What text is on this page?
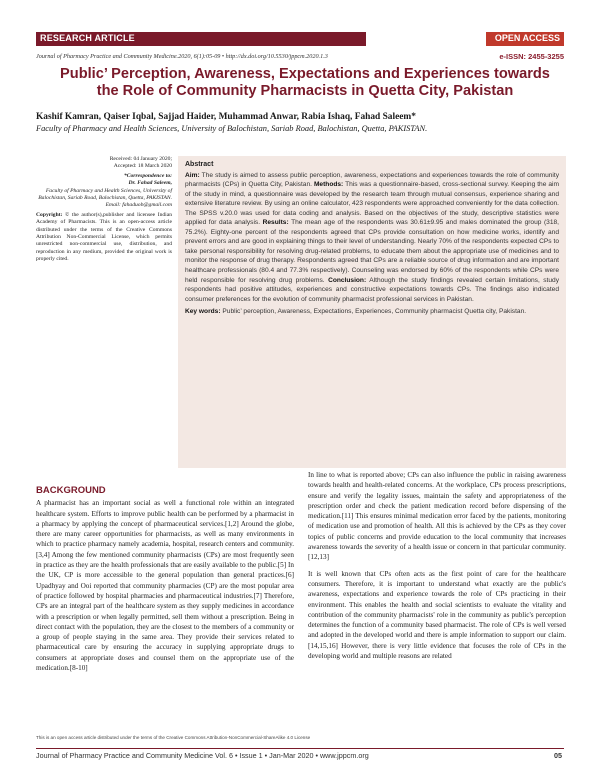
RESEARCH ARTICLE	OPEN ACCESS
Journal of Pharmacy Practice and Community Medicine.2020, 6(1):05-09 • http://dx.doi.org/10.5530/jppcm.2020.1.3	e-ISSN: 2455-3255
Public’ Perception, Awareness, Expectations and Experiences towards the Role of Community Pharmacists in Quetta City, Pakistan
Kashif Kamran, Qaiser Iqbal, Sajjad Haider, Muhammad Anwar, Rabia Ishaq, Fahad Saleem*
Faculty of Pharmacy and Health Sciences, University of Balochistan, Sariab Road, Balochistan, Quetta, PAKISTAN.
Received: 04 January 2020;
Accepted: 18 March 2020
*Correspondence to:
Dr. Fahad Saleem,
Faculty of Pharmacy and Health Sciences, University of Balochistan, Sariab Road, Balochistan, Quetta, PAKISTAN.
Email: fahaduob@gmail.com
Copyright: © the author(s),publisher and licensee Indian Academy of Pharmacists. This is an open-access article distributed under the terms of the Creative Commons Attribution Non-Commercial License, which permits unrestricted non-commercial use, distribution, and reproduction in any medium, provided the original work is properly cited.
Abstract

Aim: The study is aimed to assess public perception, awareness, expectations and experiences towards the role of community pharmacists (CPs) in Quetta City, Pakistan. Methods: This was a questionnaire-based, cross-sectional survey. Keeping the aim of the study in mind, a questionnaire was developed by the research team through mutual consensus, experience sharing and extensive literature review. By using an online calculator, 423 respondents were approached conveniently for the data collection. The SPSS v.20.0 was used for data coding and analysis. Based on the objectives of the study, descriptive statistics were applied for data analysis. Results: The mean age of the respondents was 30.61±9.95 and males dominated the group (318, 75.2%). Eighty-one percent of the respondents agreed that CPs provide consultation on how medicine works, identify and prevent errors and are good in explaining things to their level of understanding. Nearly 70% of the respondents expected CPs to take personal responsibility for resolving drug-related problems, to educate them about the appropriate use of medicines and to monitor the response of drug therapy. Respondents agreed that CPs are a reliable source of drug information and are important healthcare professionals (80.4 and 77.3% respectively). Counseling was endorsed by 60% of the respondents while CPs were held responsible for resolving drug problems. Conclusion: Although the study findings revealed certain limitations, study respondents had positive attitudes, experiences and constructive expectations towards CPs. The findings also indicated consumer preferences for the evolution of community pharmacist professional services in Pakistan.

Key words: Public’ perception, Awareness, Expectations, Experiences, Community pharmacist Quetta city, Pakistan.

BACKGROUND

A pharmacist has an important social as well a functional role within an integrated healthcare system. Efforts to improve public health can be performed by a pharmacist in a pharmacy by applying the concept of pharmaceutical services.[1,2] Around the globe, there are many career opportunities for pharmacists, as well as many environments in which to practice pharmacy namely academia, hospital, research centers and community.[3,4] Among the few mentioned community pharmacists (CPs) are most frequently seen in practice as they are the health professionals that are easily available to the public.[5] In the UK, CP is more accessible to the general population than general practices.[6] Upadhyay and Ooi reported that community pharmacies (CP) are the most popular area of practice followed by hospital pharmacies and pharmaceutical industries.[7] Therefore, CPs are an integral part of the healthcare system as they supply medicines in accordance with a prescription or when legally permitted, sell them without a prescription. Being in direct contact with the population, they are the closest to the members of a community or a group of people staying in the same area. They provide their services related to pharmaceutical care by ensuring the accuracy in supplying appropriate drugs to consumers at appropriate doses and counsel them on the appropriate use of the medication.[8-10]

In line to what is reported above; CPs can also influence the public in raising awareness towards health and health-related concerns. At the workplace, CPs process prescriptions, ensure and verify the legality issues, maintain the safety and appropriateness of the prescription order and check the patient medication record before dispensing of the medication.[11] This ensures minimal medication error faced by the patients, monitoring of medication use and promotion of health. All this is achieved by the CPs as they cover topics of public concerns and provide education to the local community that increases awareness towards the severity of a health issue or concern in that particular community.[12,13]

It is well known that CPs often acts as the first point of care for the healthcare consumers. Therefore, it is important to understand what exactly are the public's awareness, expectations and experience towards the role of CPs practicing in their environment. This enables the health and social scientists to evaluate the vitality and contribution of the community pharmacists' role in the community as public's perception determines the function of a community based pharmacist. The role of CPs is well versed and adopted in the developed world and there is ample information to support our claim.[14,15,16] However, there is very little evidence that focuses the role of CPs in the developing world and multiple reasons are related

This is an open access article distributed under the terms of the Creative Commons Attribution-NonCommercial-ShareAlike 4.0 License
Journal of Pharmacy Practice and Community Medicine Vol. 6 • Issue 1 • Jan-Mar 2020 • www.jppcm.org	05
